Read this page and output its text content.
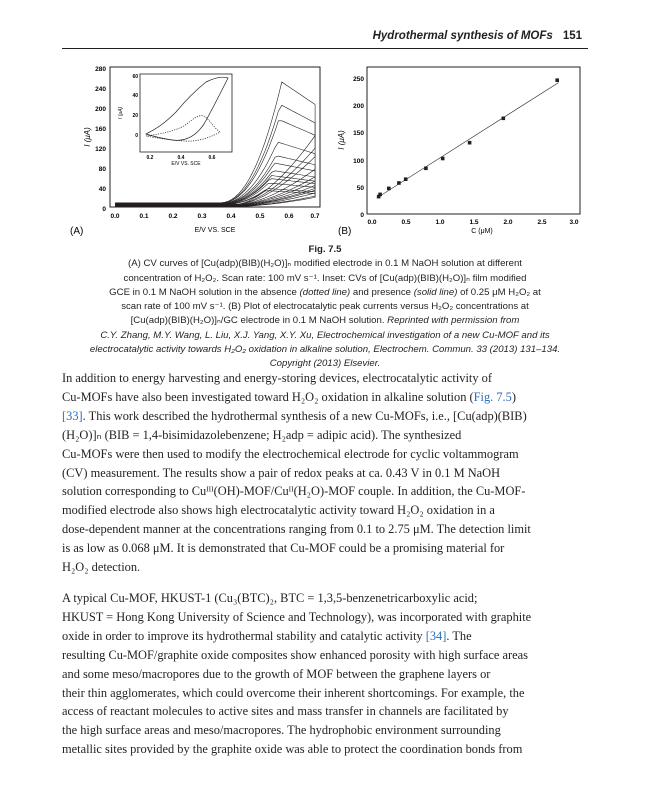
Hydrothermal synthesis of MOFs 151
I (μA)
E/V VS. SCE
(A)
280
240
200
160
120
80
40
0
0.0	0.1	0.2	0.3	0.4	0.5	0.6	0.7
I (μA)
E/V VS. SCE
60
40
20
0
0.2	0.4	0.6
I (μA)
C (μM)
(B)
250
200
150
100
50
0
0.0	0.5	1.0	1.5	2.0	2.5	3.0
Fig. 7.5
(A) CV curves of [Cu(adp)(BIB)(H₂O)]ₙ modified electrode in 0.1 M NaOH solution at different
concentration of H₂O₂. Scan rate: 100 mV s⁻¹. Inset: CVs of [Cu(adp)(BIB)(H₂O)]ₙ film modified
GCE in 0.1 M NaOH solution in the absence (dotted line) and presence (solid line) of 0.25 μM H₂O₂ at
scan rate of 100 mV s⁻¹. (B) Plot of electrocatalytic peak currents versus H₂O₂ concentrations at
[Cu(adp)(BIB)(H₂O)]ₙ/GC electrode in 0.1 M NaOH solution. Reprinted with permission from
C.Y. Zhang, M.Y. Wang, L. Liu, X.J. Yang, X.Y. Xu, Electrochemical investigation of a new Cu-MOF and its
electrocatalytic activity towards H₂O₂ oxidation in alkaline solution, Electrochem. Commun. 33 (2013) 131–134.
Copyright (2013) Elsevier.
In addition to energy harvesting and energy-storing devices, electrocatalytic activity of
Cu-MOFs have also been investigated toward H₂O₂ oxidation in alkaline solution (Fig. 7.5)
[33]. This work described the hydrothermal synthesis of a new Cu-MOFs, i.e., [Cu(adp)(BIB)
(H₂O)]ₙ (BIB = 1,4-bisimidazolebenzene; H₂adp = adipic acid). The synthesized
Cu-MOFs were then used to modify the electrochemical electrode for cyclic voltammogram
(CV) measurement. The results show a pair of redox peaks at ca. 0.43 V in 0.1 M NaOH
solution corresponding to Cuᴵᴵᴵ(OH)-MOF/Cuᴵᴵ(H₂O)-MOF couple. In addition, the Cu-MOF-
modified electrode also shows high electrocatalytic activity toward H₂O₂ oxidation in a
dose-dependent manner at the concentrations ranging from 0.1 to 2.75 μM. The detection limit
is as low as 0.068 μM. It is demonstrated that Cu-MOF could be a promising material for
H₂O₂ detection.
A typical Cu-MOF, HKUST-1 (Cu₃(BTC)₂, BTC = 1,3,5-benzenetricarboxylic acid;
HKUST = Hong Kong University of Science and Technology), was incorporated with graphite
oxide in order to improve its hydrothermal stability and catalytic activity [34]. The
resulting Cu-MOF/graphite oxide composites show enhanced porosity with high surface areas
and some meso/macropores due to the growth of MOF between the graphene layers or
their thin agglomerates, which could overcome their inherent shortcomings. For example, the
access of reactant molecules to active sites and mass transfer in channels are facilitated by
the high surface areas and meso/macropores. The hydrophobic environment surrounding
metallic sites provided by the graphite oxide was able to protect the coordination bonds from
